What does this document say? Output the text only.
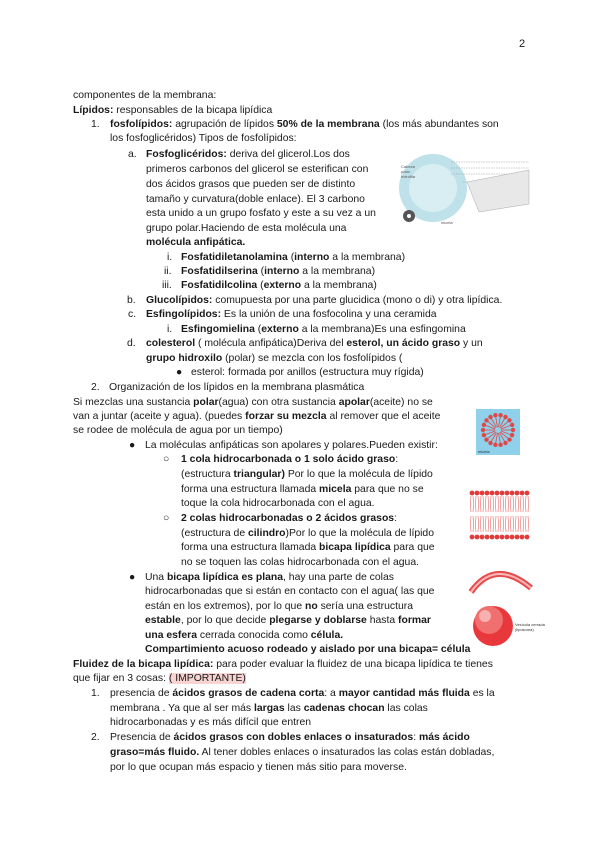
2
componentes de la membrana:
Lípidos: responsables de la bicapa lipídica
1. fosfolípidos: agrupación de lípidos 50% de la membrana (los más abundantes son
los fosfoglicéridos) Tipos de fosfolípidos:
a. Fosfoglicéridos: deriva del glicerol.Los dos
primeros carbonos del glicerol se esterifican con
dos ácidos grasos que pueden ser de distinto
tamaño y curvatura(doble enlace). El 3 carbono
esta unido a un grupo fosfato y este a su vez a un
grupo polar.Haciendo de esta molécula una
molécula anfipática.
i. Fosfatidiletanolamina (interno a la membrana)
ii. Fosfatidilserina (interno a la membrana)
iii. Fosfatidilcolina (externo a la membrana)
b. Glucolípidos: comupuesta por una parte glucidica (mono o di) y otra lipídica.
c. Esfingolípidos: Es la unión de una fosfocolina y una ceramida
i. Esfingomielina (externo a la membrana)Es una esfingomina
d. colesterol ( molécula anfipática)Deriva del esterol, un ácido graso y un
grupo hidroxilo (polar) se mezcla con los fosfolípidos (
● esterol: formada por anillos (estructura muy rígida)
2. Organización de los lípidos en la membrana plasmática
Si mezclas una sustancia polar(agua) con otra sustancia apolar(aceite) no se
van a juntar (aceite y agua). (puedes forzar su mezcla al remover que el aceite
se rodee de molécula de agua por un tiempo)
● La moléculas anfipáticas son apolares y polares.Pueden existir:
○ 1 cola hidrocarbonada o 1 solo ácido graso:
(estructura triangular) Por lo que la molécula de lípido
forma una estructura llamada micela para que no se
toque la cola hidrocarbonada con el agua.
○ 2 colas hidrocarbonadas o 2 ácidos grasos:
(estructura de cilindro)Por lo que la molécula de lípido
forma una estructura llamada bicapa lipídica para que
no se toquen las colas hidrocarbonada con el agua.
● Una bicapa lipídica es plana, hay una parte de colas
hidrocarbonadas que si están en contacto con el agua( las que
están en los extremos), por lo que no sería una estructura
estable, por lo que decide plegarse y doblarse hasta formar
una esfera cerrada conocida como célula.
Compartimiento acuoso rodeado y aislado por una bicapa= célula
Fluidez de la bicapa lipídica: para poder evaluar la fluidez de una bicapa lipídica te tienes
que fijar en 3 cosas: ( IMPORTANTE)
1. presencia de ácidos grasos de cadena corta: a mayor cantidad más fluida es la
membrana . Ya que al ser más largas las cadenas chocan las colas
hidrocarbonadas y es más difícil que entren
2. Presencia de ácidos grasos con dobles enlaces o insaturados: más ácido
graso=más fluido. Al tener dobles enlaces o insaturados las colas están dobladas,
por lo que ocupan más espacio y tienen más sitio para moverse.
Cabeza
polar
hidrófila
micela
micela
Vesícula cerrada
(liposoma)
